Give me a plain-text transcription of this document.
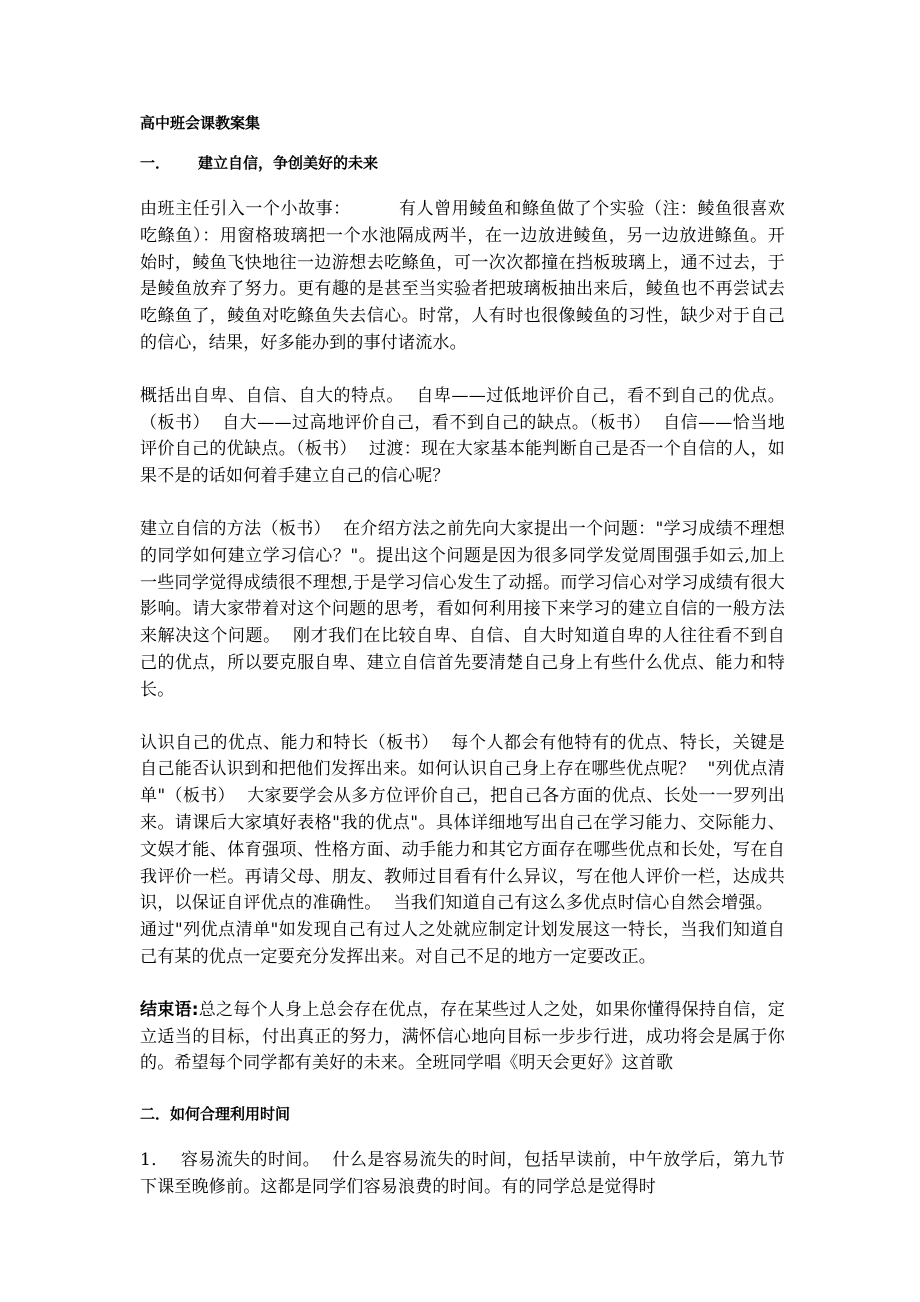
高中班会课教案集
一． 建立自信，争创美好的未来

由班主任引入一个小故事：	有人曾用鲮鱼和鲦鱼做了个实验（注：鲮鱼很喜欢吃鲦鱼）：用窗格玻璃把一个水池隔成两半，在一边放进鲮鱼，另一边放进鲦鱼。开始时，鲮鱼飞快地往一边游想去吃鲦鱼，可一次次都撞在挡板玻璃上，通不过去，于是鲮鱼放弃了努力。更有趣的是甚至当实验者把玻璃板抽出来后，鲮鱼也不再尝试去吃鲦鱼了，鲮鱼对吃鲦鱼失去信心。时常，人有时也很像鲮鱼的习性，缺少对于自己的信心，结果，好多能办到的事付诸流水。

概括出自卑、自信、自大的特点。 自卑——过低地评价自己，看不到自己的优点。（板书） 自大——过高地评价自己，看不到自己的缺点。（板书） 自信——恰当地评价自己的优缺点。（板书） 过渡：现在大家基本能判断自己是否一个自信的人，如果不是的话如何着手建立自己的信心呢？

建立自信的方法（板书） 在介绍方法之前先向大家提出一个问题："学习成绩不理想的同学如何建立学习信心？"。提出这个问题是因为很多同学发觉周围强手如云,加上一些同学觉得成绩很不理想,于是学习信心发生了动摇。而学习信心对学习成绩有很大影响。请大家带着对这个问题的思考，看如何利用接下来学习的建立自信的一般方法来解决这个问题。 刚才我们在比较自卑、自信、自大时知道自卑的人往往看不到自己的优点，所以要克服自卑、建立自信首先要清楚自己身上有些什么优点、能力和特长。

认识自己的优点、能力和特长（板书） 每个人都会有他特有的优点、特长，关键是自己能否认识到和把他们发挥出来。如何认识自己身上存在哪些优点呢？ "列优点清单"（板书） 大家要学会从多方位评价自己，把自己各方面的优点、长处一一罗列出来。请课后大家填好表格"我的优点"。具体详细地写出自己在学习能力、交际能力、文娱才能、体育强项、性格方面、动手能力和其它方面存在哪些优点和长处，写在自我评价一栏。再请父母、朋友、教师过目看有什么异议，写在他人评价一栏，达成共识，以保证自评优点的准确性。 当我们知道自己有这么多优点时信心自然会增强。通过"列优点清单"如发现自己有过人之处就应制定计划发展这一特长，当我们知道自己有某的优点一定要充分发挥出来。对自己不足的地方一定要改正。

结束语:总之每个人身上总会存在优点，存在某些过人之处，如果你懂得保持自信，定立适当的目标，付出真正的努力，满怀信心地向目标一步步行进，成功将会是属于你的。希望每个同学都有美好的未来。全班同学唱《明天会更好》这首歌

二．如何合理利用时间

1． 容易流失的时间。 什么是容易流失的时间，包括早读前，中午放学后，第九节下课至晚修前。这都是同学们容易浪费的时间。有的同学总是觉得时
